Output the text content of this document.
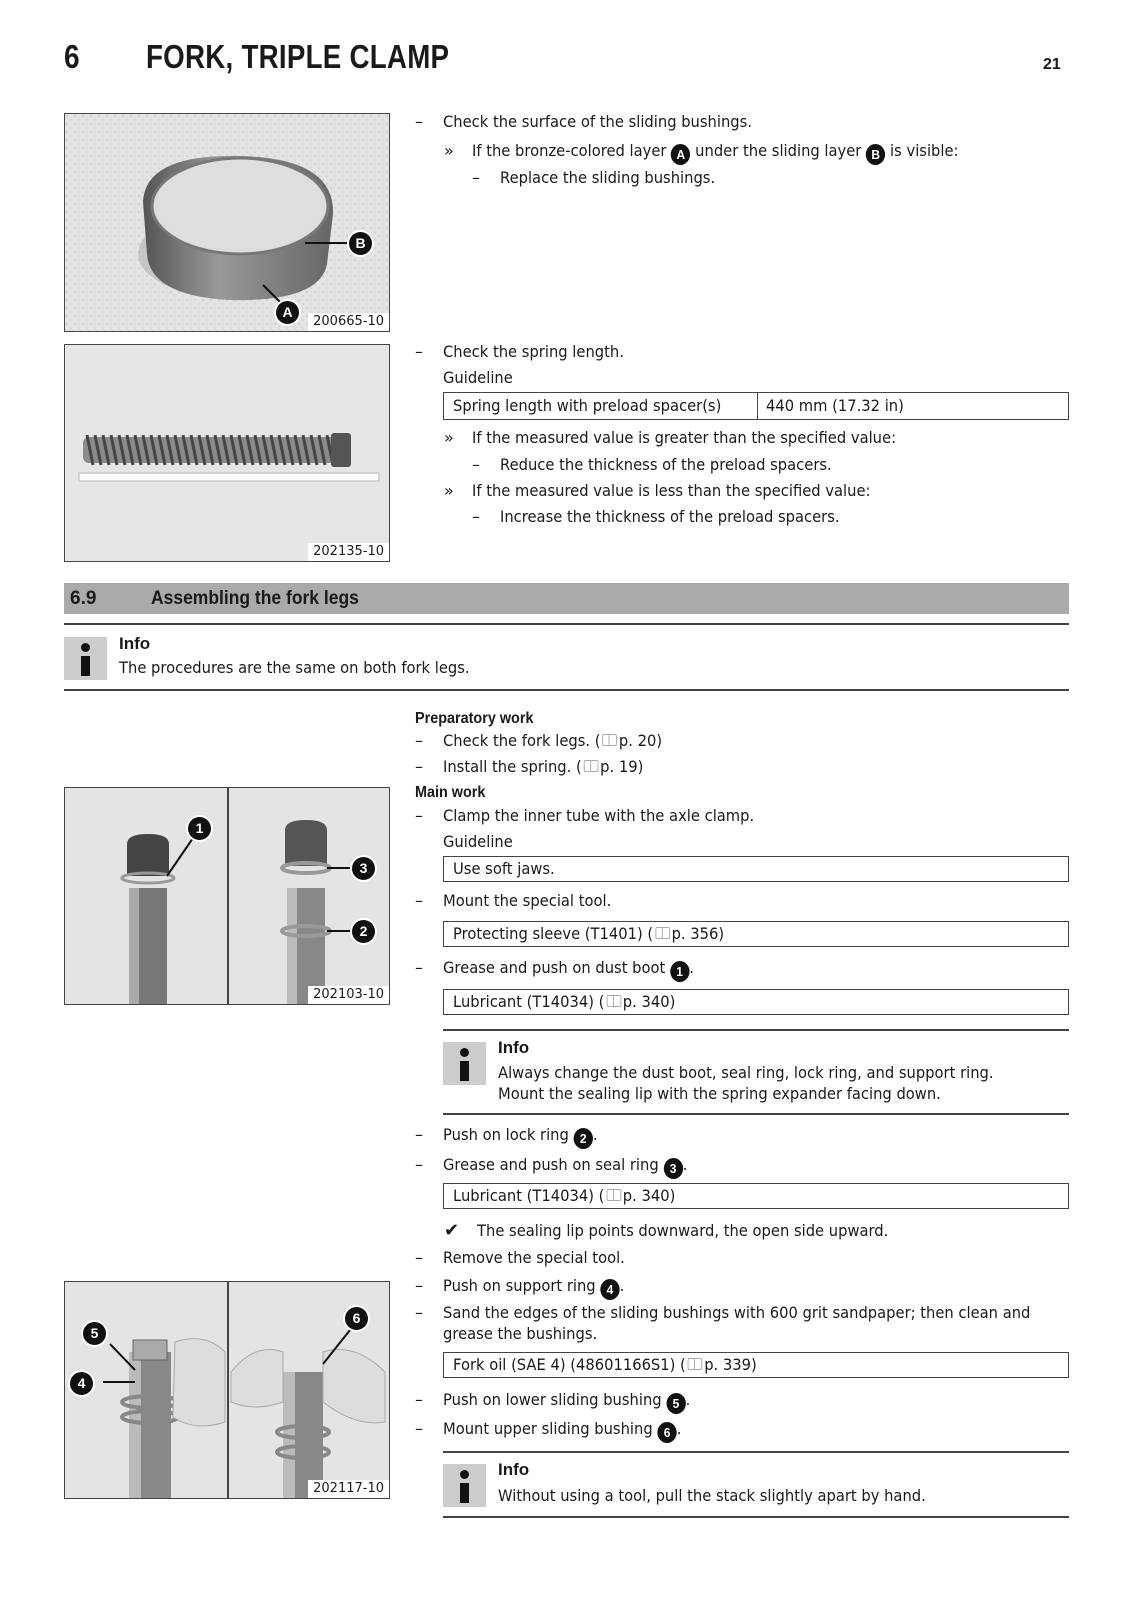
6 FORK, TRIPLE CLAMP	21
B
A
200665-10
202135-10
– Check the surface of the sliding bushings.
» If the bronze-colored layer A under the sliding layer B is visible:
– Replace the sliding bushings.
– Check the spring length.
Guideline
Spring length with preload spacer(s)	440 mm (17.32 in)
» If the measured value is greater than the specified value:
– Reduce the thickness of the preload spacers.
» If the measured value is less than the specified value:
– Increase the thickness of the preload spacers.
6.9	Assembling the fork legs
Info
The procedures are the same on both fork legs.
Preparatory work
– Check the fork legs. ( p. 20)
– Install the spring. ( p. 19)
Main work
– Clamp the inner tube with the axle clamp.
Guideline
Use soft jaws.
– Mount the special tool.
Protecting sleeve (T1401) ( p. 356)
– Grease and push on dust boot 1 .
Lubricant (T14034) ( p. 340)
Info
Always change the dust boot, seal ring, lock ring, and support ring.
Mount the sealing lip with the spring expander facing down.
– Push on lock ring 2 .
– Grease and push on seal ring 3 .
Lubricant (T14034) ( p. 340)
✔ The sealing lip points downward, the open side upward.
– Remove the special tool.
– Push on support ring 4 .
– Sand the edges of the sliding bushings with 600 grit sandpaper; then clean and
grease the bushings.
Fork oil (SAE 4) (48601166S1) ( p. 339)
– Push on lower sliding bushing 5 .
– Mount upper sliding bushing 6 .
Info
Without using a tool, pull the stack slightly apart by hand.
1
3
2
202103-10
5
4
6
202117-10
